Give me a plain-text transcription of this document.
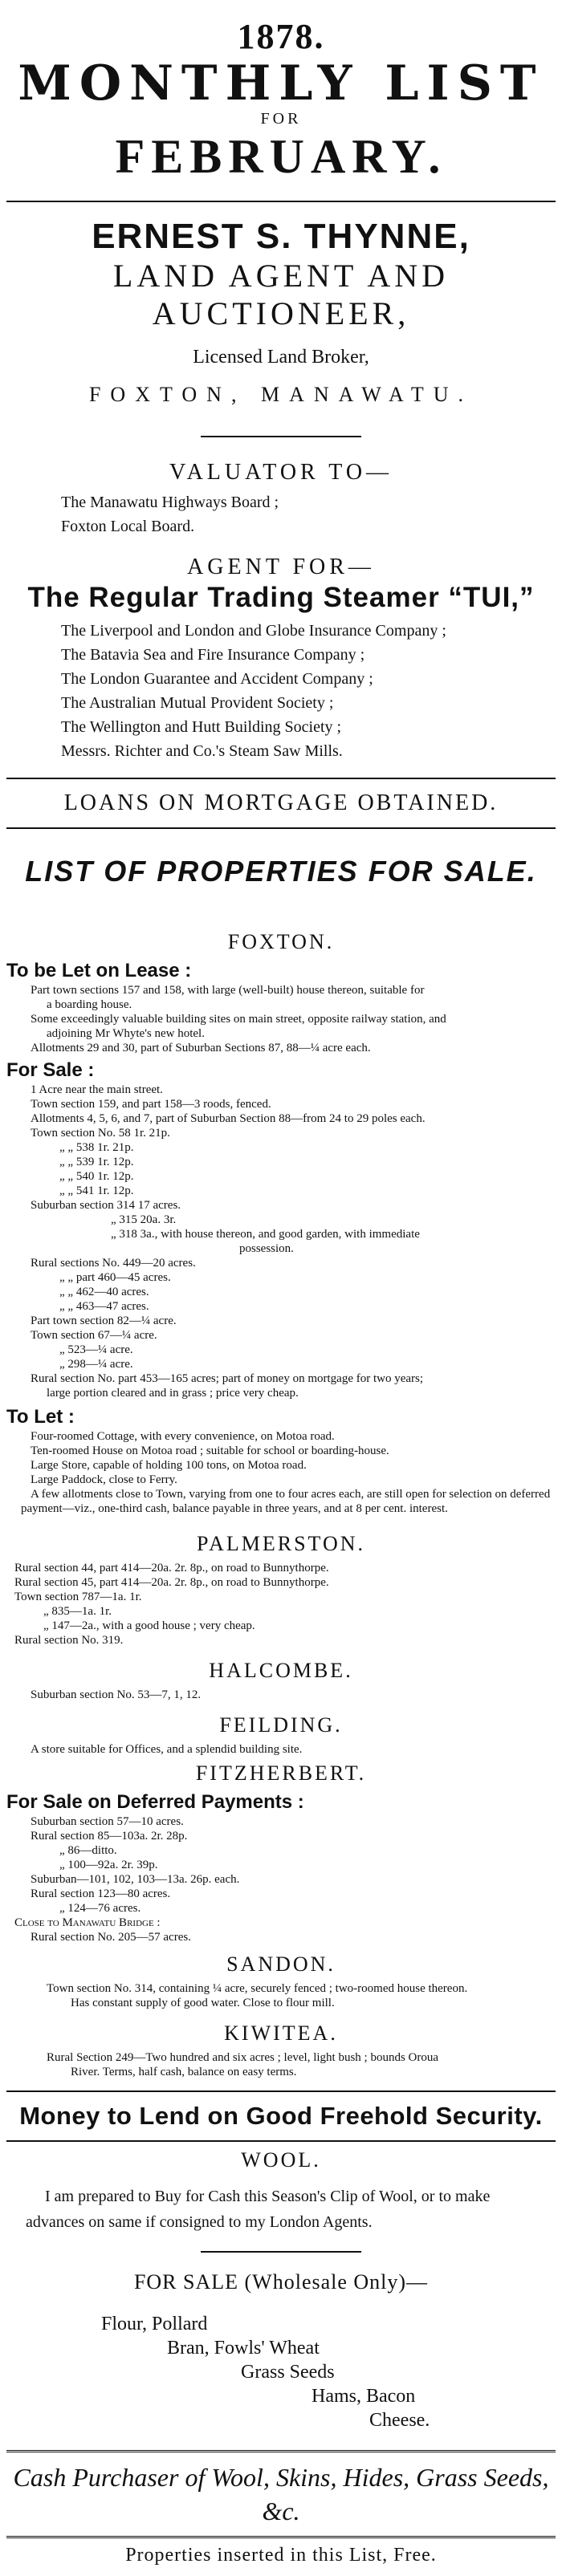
1878.
MONTHLY LIST
FOR
FEBRUARY.
ERNEST S. THYNNE,
LAND AGENT AND AUCTIONEER,
Licensed Land Broker,
FOXTON, MANAWATU.
VALUATOR TO—
The Manawatu Highways Board ;
Foxton Local Board.
AGENT FOR—
The Regular Trading Steamer “TUI,”
The Liverpool and London and Globe Insurance Company ;
The Batavia Sea and Fire Insurance Company ;
The London Guarantee and Accident Company ;
The Australian Mutual Provident Society ;
The Wellington and Hutt Building Society ;
Messrs. Richter and Co.'s Steam Saw Mills.
LOANS ON MORTGAGE OBTAINED.
LIST OF PROPERTIES FOR SALE.
FOXTON.
To be Let on Lease :
Part town sections 157 and 158, with large (well-built) house thereon, suitable for
a boarding house.
Some exceedingly valuable building sites on main street, opposite railway station, and
adjoining Mr Whyte's new hotel.
Allotments 29 and 30, part of Suburban Sections 87, 88—¼ acre each.
For Sale :
1 Acre near the main street.
Town section 159, and part 158—3 roods, fenced.
Allotments 4, 5, 6, and 7, part of Suburban Section 88—from 24 to 29 poles each.
Town section No. 58 1r. 21p.
„ „ 538 1r. 21p.
„ „ 539 1r. 12p.
„ „ 540 1r. 12p.
„ „ 541 1r. 12p.
Suburban section 314 17 acres.
„ 315 20a. 3r.
„ 318 3a., with house thereon, and good garden, with immediate
possession.
Rural sections No. 449—20 acres.
„ „ part 460—45 acres.
„ „ 462—40 acres.
„ „ 463—47 acres.
Part town section 82—¼ acre.
Town section 67—¼ acre.
„ 523—¼ acre.
„ 298—¼ acre.
Rural section No. part 453—165 acres; part of money on mortgage for two years;
large portion cleared and in grass ; price very cheap.
To Let :
Four-roomed Cottage, with every convenience, on Motoa road.
Ten-roomed House on Motoa road ; suitable for school or boarding-house.
Large Store, capable of holding 100 tons, on Motoa road.
Large Paddock, close to Ferry.
A few allotments close to Town, varying from one to four acres each, are still open for selection on deferred payment—viz., one-third cash, balance payable in three years, and at 8 per cent. interest.
PALMERSTON.
Rural section 44, part 414—20a. 2r. 8p., on road to Bunnythorpe.
Rural section 45, part 414—20a. 2r. 8p., on road to Bunnythorpe.
Town section 787—1a. 1r.
„ 835—1a. 1r.
„ 147—2a., with a good house ; very cheap.
Rural section No. 319.
HALCOMBE.
Suburban section No. 53—7, 1, 12.
FEILDING.
A store suitable for Offices, and a splendid building site.
FITZHERBERT.
For Sale on Deferred Payments :
Suburban section 57—10 acres.
Rural section 85—103a. 2r. 28p.
„ 86—ditto.
„ 100—92a. 2r. 39p.
Suburban—101, 102, 103—13a. 26p. each.
Rural section 123—80 acres.
„ 124—76 acres.
Close to Manawatu Bridge :
Rural section No. 205—57 acres.
SANDON.
Town section No. 314, containing ¼ acre, securely fenced ; two-roomed house thereon.
Has constant supply of good water. Close to flour mill.
KIWITEA.
Rural Section 249—Two hundred and six acres ; level, light bush ; bounds Oroua
River. Terms, half cash, balance on easy terms.
Money to Lend on Good Freehold Security.
WOOL.
I am prepared to Buy for Cash this Season's Clip of Wool, or to make advances on same if consigned to my London Agents.
FOR SALE (Wholesale Only)—
Flour, Pollard
Bran, Fowls' Wheat
Grass Seeds
Hams, Bacon
Cheese.
Cash Purchaser of Wool, Skins, Hides, Grass Seeds, &c.
Properties inserted in this List, Free.
